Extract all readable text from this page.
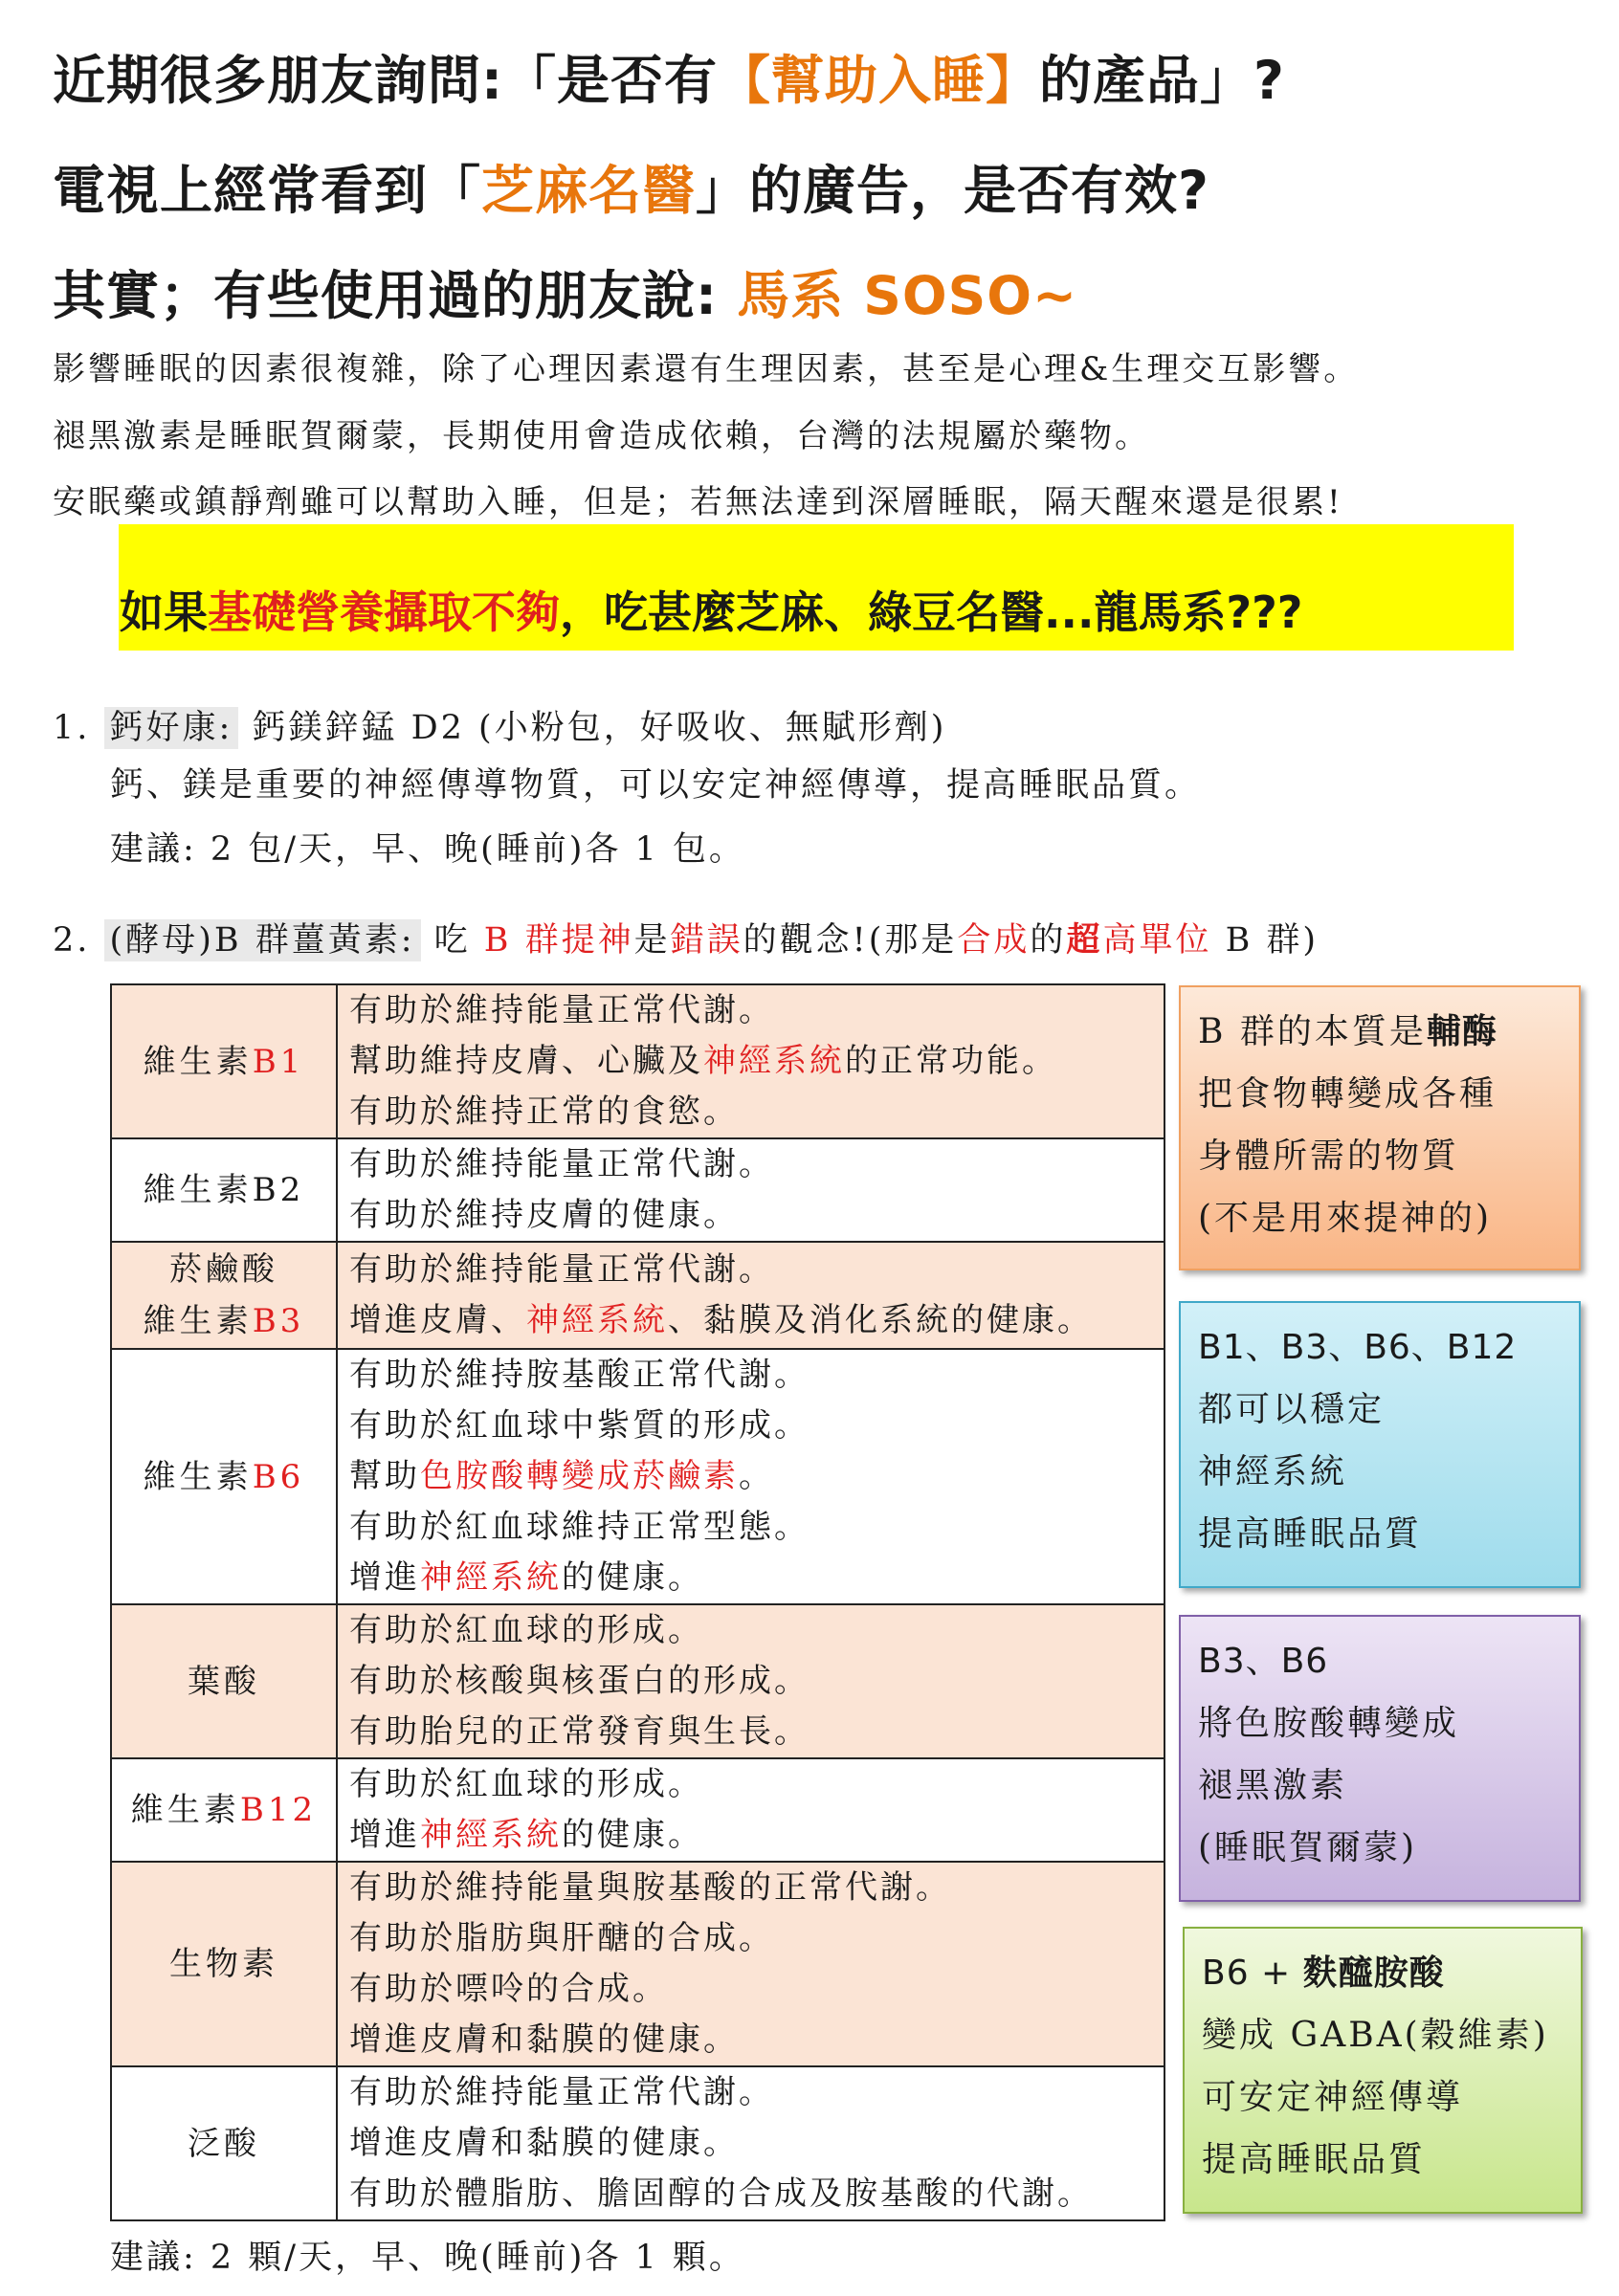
近期很多朋友詢問:「是否有【幫助入睡】的產品」?
電視上經常看到「芝麻名醫」的廣告，是否有效?
其實；有些使用過的朋友說: 馬系 SOSO~
影響睡眠的因素很複雜，除了心理因素還有生理因素，甚至是心理&生理交互影響。
褪黑激素是睡眠賀爾蒙，長期使用會造成依賴，台灣的法規屬於藥物。
安眠藥或鎮靜劑雖可以幫助入睡，但是；若無法達到深層睡眠，隔天醒來還是很累!
如果基礎營養攝取不夠，吃甚麼芝麻、綠豆名醫...龍馬系???
1. 鈣好康: 鈣鎂鋅錳 D2 (小粉包，好吸收、無賦形劑)
鈣、鎂是重要的神經傳導物質，可以安定神經傳導，提高睡眠品質。
建議: 2 包/天，早、晚(睡前)各 1 包。
2. (酵母)B 群薑黃素: 吃 B 群提神是錯誤的觀念!(那是合成的超高單位 B 群)
維生素B1	有助於維持能量正常代謝。
幫助維持皮膚、心臟及神經系統的正常功能。
有助於維持正常的食慾。

維生素B2	有助於維持能量正常代謝。
有助於維持皮膚的健康。

菸鹼酸
維生素B3	有助於維持能量正常代謝。
增進皮膚、神經系統、黏膜及消化系統的健康。

維生素B6	有助於維持胺基酸正常代謝。
有助於紅血球中紫質的形成。
幫助色胺酸轉變成菸鹼素。
有助於紅血球維持正常型態。
增進神經系統的健康。

葉酸	有助於紅血球的形成。
有助於核酸與核蛋白的形成。
有助胎兒的正常發育與生長。

維生素B12	有助於紅血球的形成。
增進神經系統的健康。

生物素	有助於維持能量與胺基酸的正常代謝。
有助於脂肪與肝醣的合成。
有助於嘌呤的合成。
增進皮膚和黏膜的健康。

泛酸	有助於維持能量正常代謝。
增進皮膚和黏膜的健康。
有助於體脂肪、膽固醇的合成及胺基酸的代謝。
B 群的本質是輔酶
把食物轉變成各種
身體所需的物質
(不是用來提神的)
B1、B3、B6、B12
都可以穩定
神經系統
提高睡眠品質
B3、B6
將色胺酸轉變成
褪黑激素
(睡眠賀爾蒙)
B6 + 麩醯胺酸
變成 GABA(穀維素)
可安定神經傳導
提高睡眠品質
建議: 2 顆/天，早、晚(睡前)各 1 顆。
